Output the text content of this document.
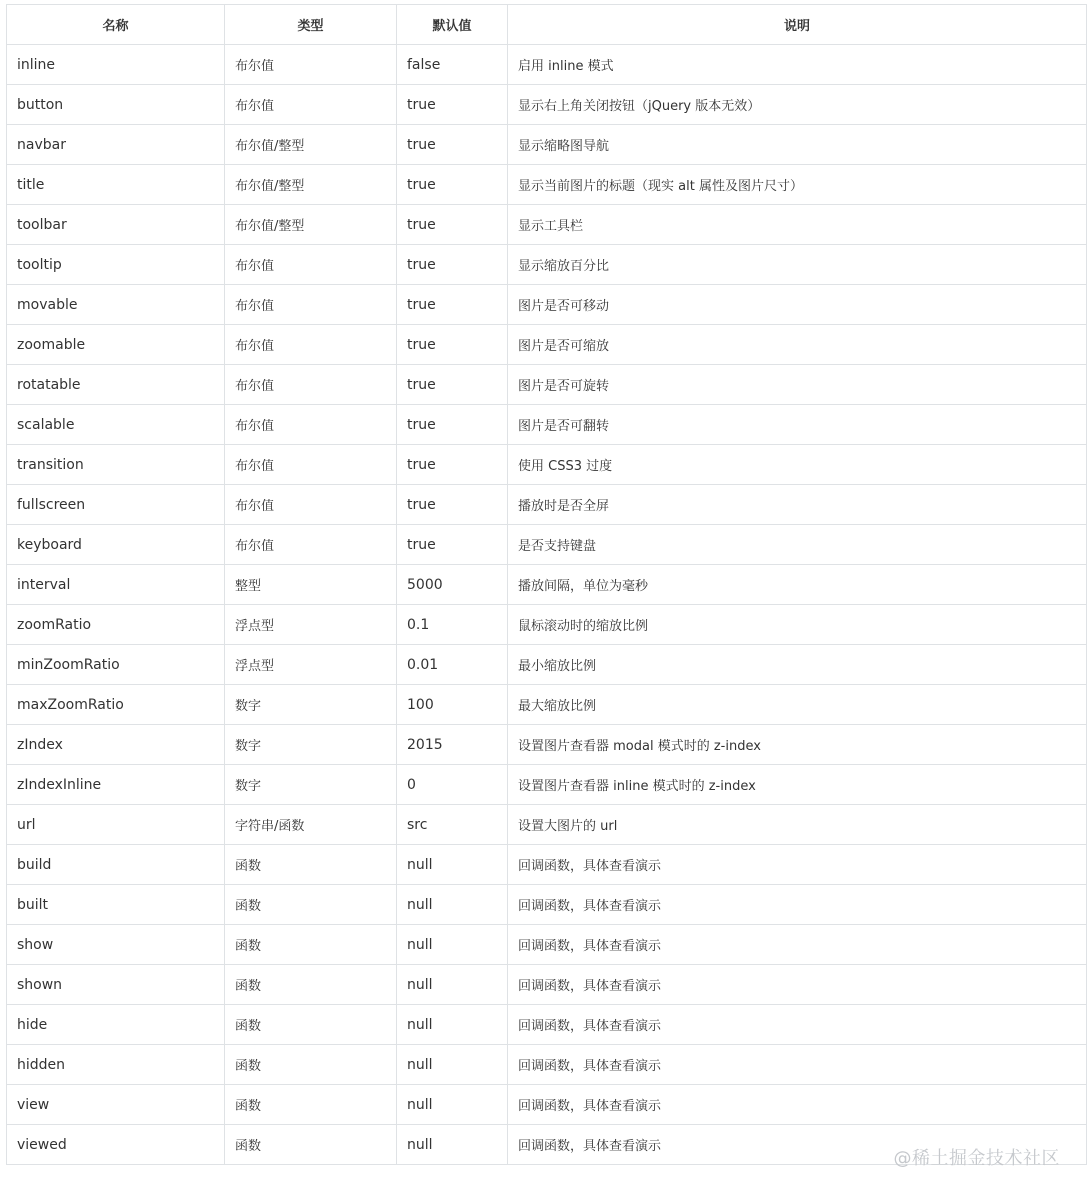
名称	类型	默认值	说明
inline	布尔值	false	启用 inline 模式
button	布尔值	true	显示右上角关闭按钮（jQuery 版本无效）
navbar	布尔值/整型	true	显示缩略图导航
title	布尔值/整型	true	显示当前图片的标题（现实 alt 属性及图片尺寸）
toolbar	布尔值/整型	true	显示工具栏
tooltip	布尔值	true	显示缩放百分比
movable	布尔值	true	图片是否可移动
zoomable	布尔值	true	图片是否可缩放
rotatable	布尔值	true	图片是否可旋转
scalable	布尔值	true	图片是否可翻转
transition	布尔值	true	使用 CSS3 过度
fullscreen	布尔值	true	播放时是否全屏
keyboard	布尔值	true	是否支持键盘
interval	整型	5000	播放间隔，单位为毫秒
zoomRatio	浮点型	0.1	鼠标滚动时的缩放比例
minZoomRatio	浮点型	0.01	最小缩放比例
maxZoomRatio	数字	100	最大缩放比例
zIndex	数字	2015	设置图片查看器 modal 模式时的 z-index
zIndexInline	数字	0	设置图片查看器 inline 模式时的 z-index
url	字符串/函数	src	设置大图片的 url
build	函数	null	回调函数，具体查看演示
built	函数	null	回调函数，具体查看演示
show	函数	null	回调函数，具体查看演示
shown	函数	null	回调函数，具体查看演示
hide	函数	null	回调函数，具体查看演示
hidden	函数	null	回调函数，具体查看演示
view	函数	null	回调函数，具体查看演示
viewed	函数	null	回调函数，具体查看演示
@稀土掘金技术社区
